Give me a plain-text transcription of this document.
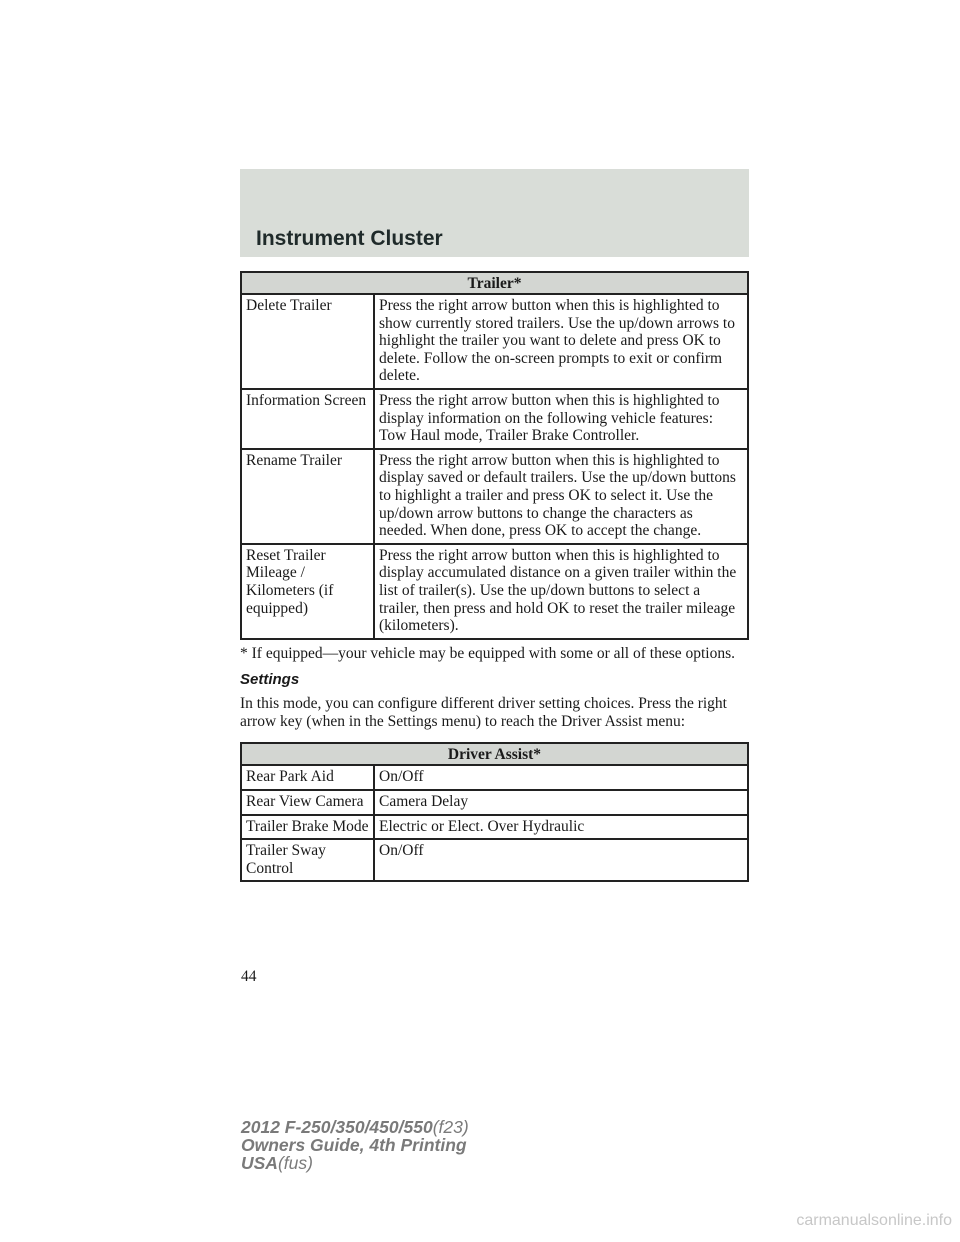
Instrument Cluster
Trailer*	
Delete Trailer	Press the right arrow button when this is highlighted to show currently stored trailers. Use the up/down arrows to highlight the trailer you want to delete and press OK to delete. Follow the on-screen prompts to exit or confirm delete.
Information Screen	Press the right arrow button when this is highlighted to display information on the following vehicle features: Tow Haul mode, Trailer Brake Controller.
Rename Trailer	Press the right arrow button when this is highlighted to display saved or default trailers. Use the up/down buttons to highlight a trailer and press OK to select it. Use the up/down arrow buttons to change the characters as needed. When done, press OK to accept the change.
Reset Trailer Mileage / Kilometers (if equipped)	Press the right arrow button when this is highlighted to display accumulated distance on a given trailer within the list of trailer(s). Use the up/down buttons to select a trailer, then press and hold OK to reset the trailer mileage (kilometers).
* If equipped—your vehicle may be equipped with some or all of these options.
Settings
In this mode, you can configure different driver setting choices. Press the right arrow key (when in the Settings menu) to reach the Driver Assist menu:
Driver Assist*	
Rear Park Aid	On/Off
Rear View Camera	Camera Delay
Trailer Brake Mode	Electric or Elect. Over Hydraulic
Trailer Sway Control	On/Off
44
2012 F-250/350/450/550(f23)
Owners Guide, 4th Printing
USA(fus)
carmanualsonline.info
